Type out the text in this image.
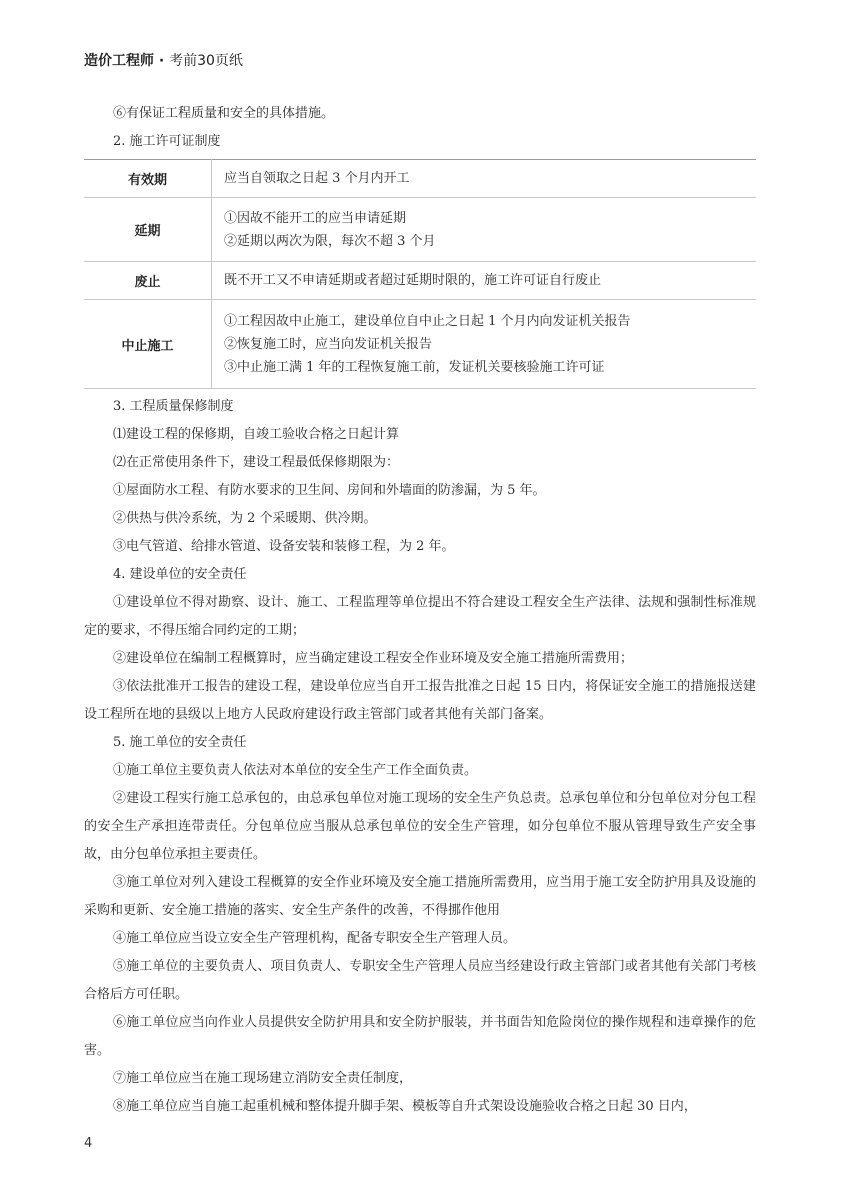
造价工程师 · 考前30页纸

⑥有保证工程质量和安全的具体措施。

2. 施工许可证制度

有效期	应当自领取之日起 3 个月内开工

延期	①因故不能开工的应当申请延期
②延期以两次为限，每次不超 3 个月

废止	既不开工又不申请延期或者超过延期时限的，施工许可证自行废止

中止施工	①工程因故中止施工，建设单位自中止之日起 1 个月内向发证机关报告
②恢复施工时，应当向发证机关报告
③中止施工满 1 年的工程恢复施工前，发证机关要核验施工许可证

3. 工程质量保修制度

⑴建设工程的保修期，自竣工验收合格之日起计算

⑵在正常使用条件下，建设工程最低保修期限为：

①屋面防水工程、有防水要求的卫生间、房间和外墙面的防渗漏，为 5 年。

②供热与供冷系统，为 2 个采暖期、供冷期。

③电气管道、给排水管道、设备安装和装修工程，为 2 年。

4. 建设单位的安全责任

①建设单位不得对勘察、设计、施工、工程监理等单位提出不符合建设工程安全生产法律、法规和强制性标准规定的要求，不得压缩合同约定的工期；

②建设单位在编制工程概算时，应当确定建设工程安全作业环境及安全施工措施所需费用；

③依法批准开工报告的建设工程，建设单位应当自开工报告批准之日起 15 日内，将保证安全施工的措施报送建设工程所在地的县级以上地方人民政府建设行政主管部门或者其他有关部门备案。

5. 施工单位的安全责任

①施工单位主要负责人依法对本单位的安全生产工作全面负责。

②建设工程实行施工总承包的，由总承包单位对施工现场的安全生产负总责。总承包单位和分包单位对分包工程的安全生产承担连带责任。分包单位应当服从总承包单位的安全生产管理，如分包单位不服从管理导致生产安全事故，由分包单位承担主要责任。

③施工单位对列入建设工程概算的安全作业环境及安全施工措施所需费用，应当用于施工安全防护用具及设施的采购和更新、安全施工措施的落实、安全生产条件的改善，不得挪作他用

④施工单位应当设立安全生产管理机构，配备专职安全生产管理人员。

⑤施工单位的主要负责人、项目负责人、专职安全生产管理人员应当经建设行政主管部门或者其他有关部门考核合格后方可任职。

⑥施工单位应当向作业人员提供安全防护用具和安全防护服装，并书面告知危险岗位的操作规程和违章操作的危害。

⑦施工单位应当在施工现场建立消防安全责任制度，

⑧施工单位应当自施工起重机械和整体提升脚手架、模板等自升式架设设施验收合格之日起 30 日内，

4
